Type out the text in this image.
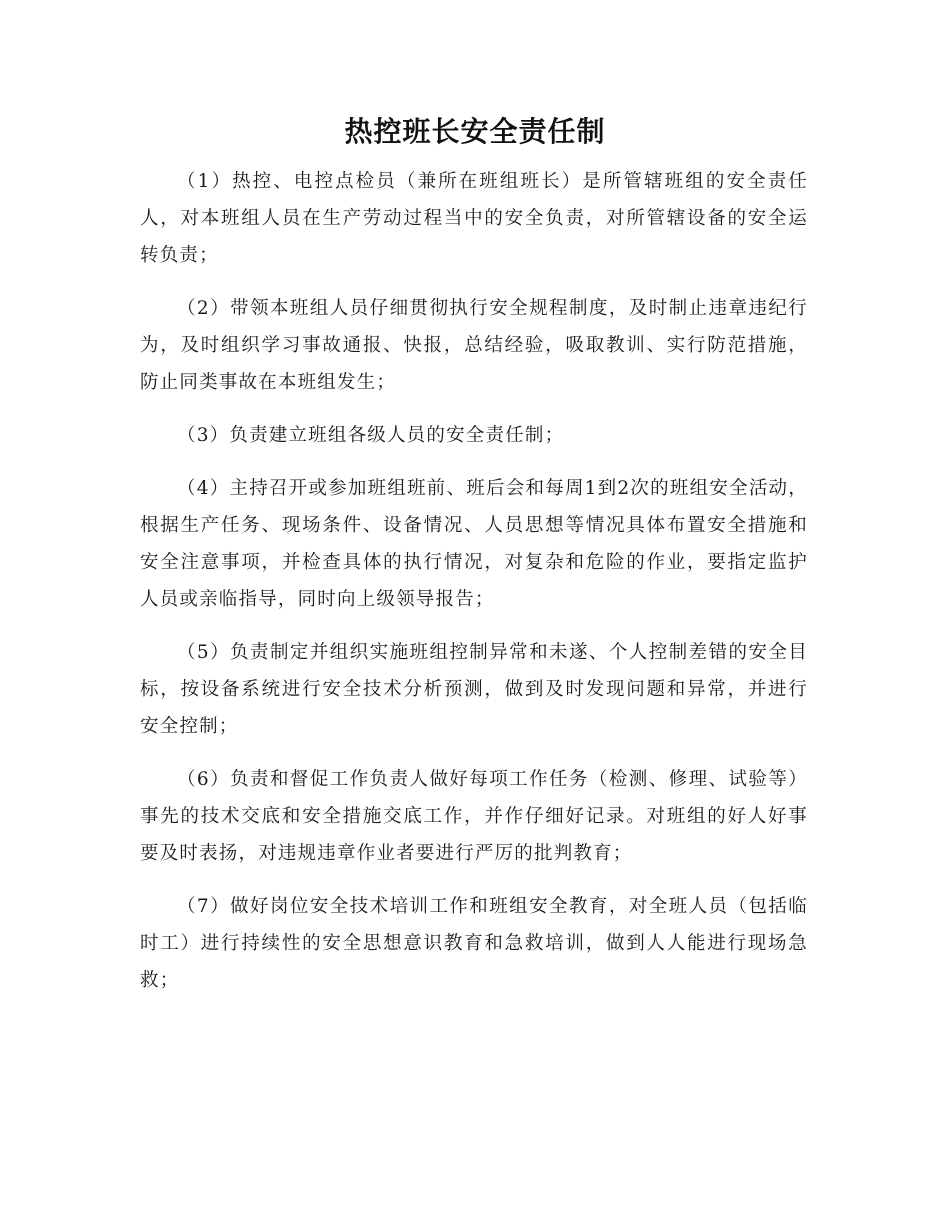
热控班长安全责任制

（1）热控、电控点检员（兼所在班组班长）是所管辖班组的安全责任人，对本班组人员在生产劳动过程当中的安全负责，对所管辖设备的安全运转负责；

（2）带领本班组人员仔细贯彻执行安全规程制度，及时制止违章违纪行为，及时组织学习事故通报、快报，总结经验，吸取教训、实行防范措施，防止同类事故在本班组发生；

（3）负责建立班组各级人员的安全责任制；

（4）主持召开或参加班组班前、班后会和每周1到2次的班组安全活动，根据生产任务、现场条件、设备情况、人员思想等情况具体布置安全措施和安全注意事项，并检查具体的执行情况，对复杂和危险的作业，要指定监护人员或亲临指导，同时向上级领导报告；

（5）负责制定并组织实施班组控制异常和未遂、个人控制差错的安全目标，按设备系统进行安全技术分析预测，做到及时发现问题和异常，并进行安全控制；

（6）负责和督促工作负责人做好每项工作任务（检测、修理、试验等）事先的技术交底和安全措施交底工作，并作仔细好记录。对班组的好人好事要及时表扬，对违规违章作业者要进行严厉的批判教育；

（7）做好岗位安全技术培训工作和班组安全教育，对全班人员（包括临时工）进行持续性的安全思想意识教育和急救培训，做到人人能进行现场急救；
